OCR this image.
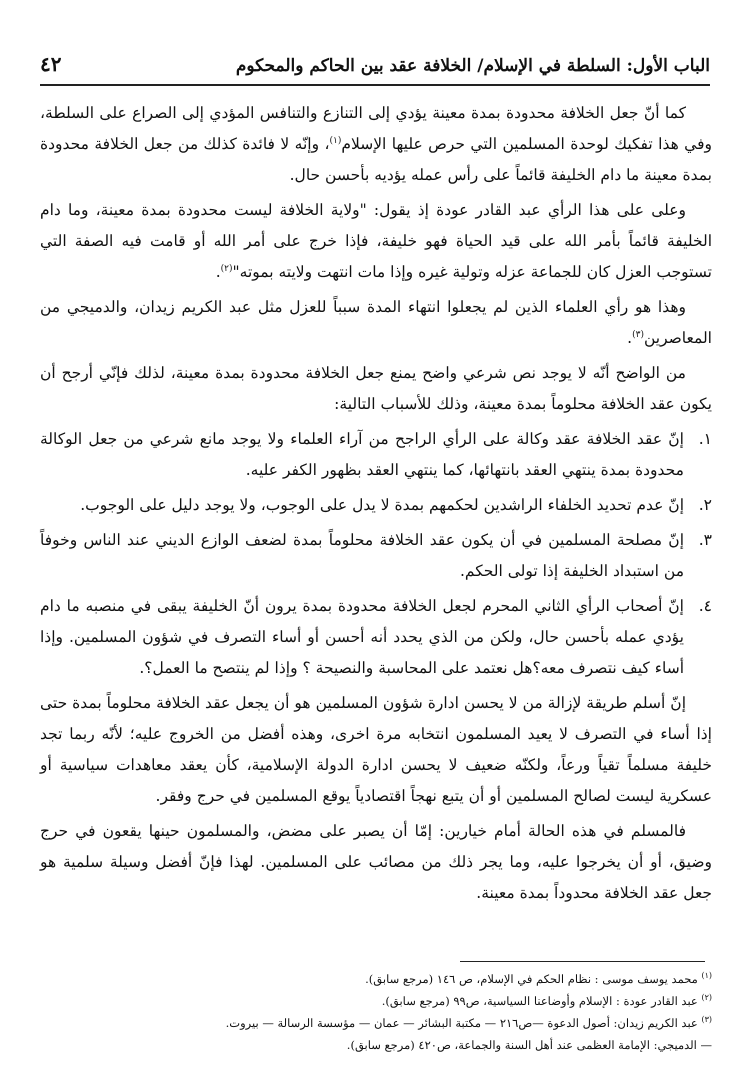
الباب الأول: السلطة في الإسلام/ الخلافة عقد بين الحاكم والمحكوم
٤٢

كما أنّ جعل الخلافة محدودة بمدة معينة يؤدي إلى التنازع والتنافس المؤدي إلى الصراع على السلطة، وفي هذا تفكيك لوحدة المسلمين التي حرص عليها الإسلام$^{(١)}$، وإنّه لا فائدة كذلك من جعل الخلافة محدودة بمدة معينة ما دام الخليفة قائماً على رأس عمله يؤديه بأحسن حال.

وعلى على هذا الرأي عبد القادر عودة إذ يقول: "ولاية الخلافة ليست محدودة بمدة معينة، وما دام الخليفة قائماً بأمر الله على قيد الحياة فهو خليفة، فإذا خرج على أمر الله أو قامت فيه الصفة التي تستوجب العزل كان للجماعة عزله وتولية غيره وإذا مات انتهت ولايته بموته"$^{(٢)}$.

وهذا هو رأي العلماء الذين لم يجعلوا انتهاء المدة سبباً للعزل مثل عبد الكريم زيدان، والدميجي من المعاصرين$^{(٣)}$.

من الواضح أنّه لا يوجد نص شرعي واضح يمنع جعل الخلافة محدودة بمدة معينة، لذلك فإنّي أرجح أن يكون عقد الخلافة محلوماً بمدة معينة، وذلك للأسباب التالية:

١.
إنّ عقد الخلافة عقد وكالة على الرأي الراجح من آراء العلماء ولا يوجد مانع شرعي من جعل الوكالة محدودة بمدة ينتهي العقد بانتهائها، كما ينتهي العقد بظهور الكفر عليه.

٢.
إنّ عدم تحديد الخلفاء الراشدين لحكمهم بمدة لا يدل على الوجوب، ولا يوجد دليل على الوجوب.

٣.
إنّ مصلحة المسلمين في أن يكون عقد الخلافة محلوماً بمدة لضعف الوازع الديني عند الناس وخوفاً من استبداد الخليفة إذا تولى الحكم.

٤.
إنّ أصحاب الرأي الثاني المحرم لجعل الخلافة محدودة بمدة يرون أنّ الخليفة يبقى في منصبه ما دام يؤدي عمله بأحسن حال، ولكن من الذي يحدد أنه أحسن أو أساء التصرف في شؤون المسلمين. وإذا أساء كيف نتصرف معه؟هل نعتمد على المحاسبة والنصيحة ؟ وإذا لم ينتصح ما العمل؟.

إنّ أسلم طريقة لإزالة من لا يحسن ادارة شؤون المسلمين هو أن يجعل عقد الخلافة محلوماً بمدة حتى إذا أساء في التصرف لا يعيد المسلمون انتخابه مرة اخرى، وهذه أفضل من الخروج عليه؛ لأنّه ربما تجد خليفة مسلماً تقياً ورعاً، ولكنّه ضعيف لا يحسن ادارة الدولة الإسلامية، كأن يعقد معاهدات سياسية أو عسكرية ليست لصالح المسلمين أو أن يتبع نهجاً اقتصادياً يوقع المسلمين في حرج وفقر.

فالمسلم في هذه الحالة أمام خيارين: إمّا أن يصبر على مضض، والمسلمون حينها يقعون في حرج وضيق، أو أن يخرجوا عليه، وما يجر ذلك من مصائب على المسلمين. لهذا فإنّ أفضل وسيلة سلمية هو جعل عقد الخلافة محدوداً بمدة معينة.

$^{(١)}$ محمد يوسف موسى : نظام الحكم في الإسلام، ص ١٤٦ (مرجع سابق).
$^{(٢)}$ عبد القادر عودة : الإسلام وأوضاعنا السياسية، ص٩٩ (مرجع سابق).
$^{(٣)}$ عبد الكريم زيدان: أصول الدعوة —ص٢١٦ — مكتبة البشائر — عمان — مؤسسة الرسالة — بيروت.
— الدميجي: الإمامة العظمى عند أهل السنة والجماعة، ص٤٢٠ (مرجع سابق).
